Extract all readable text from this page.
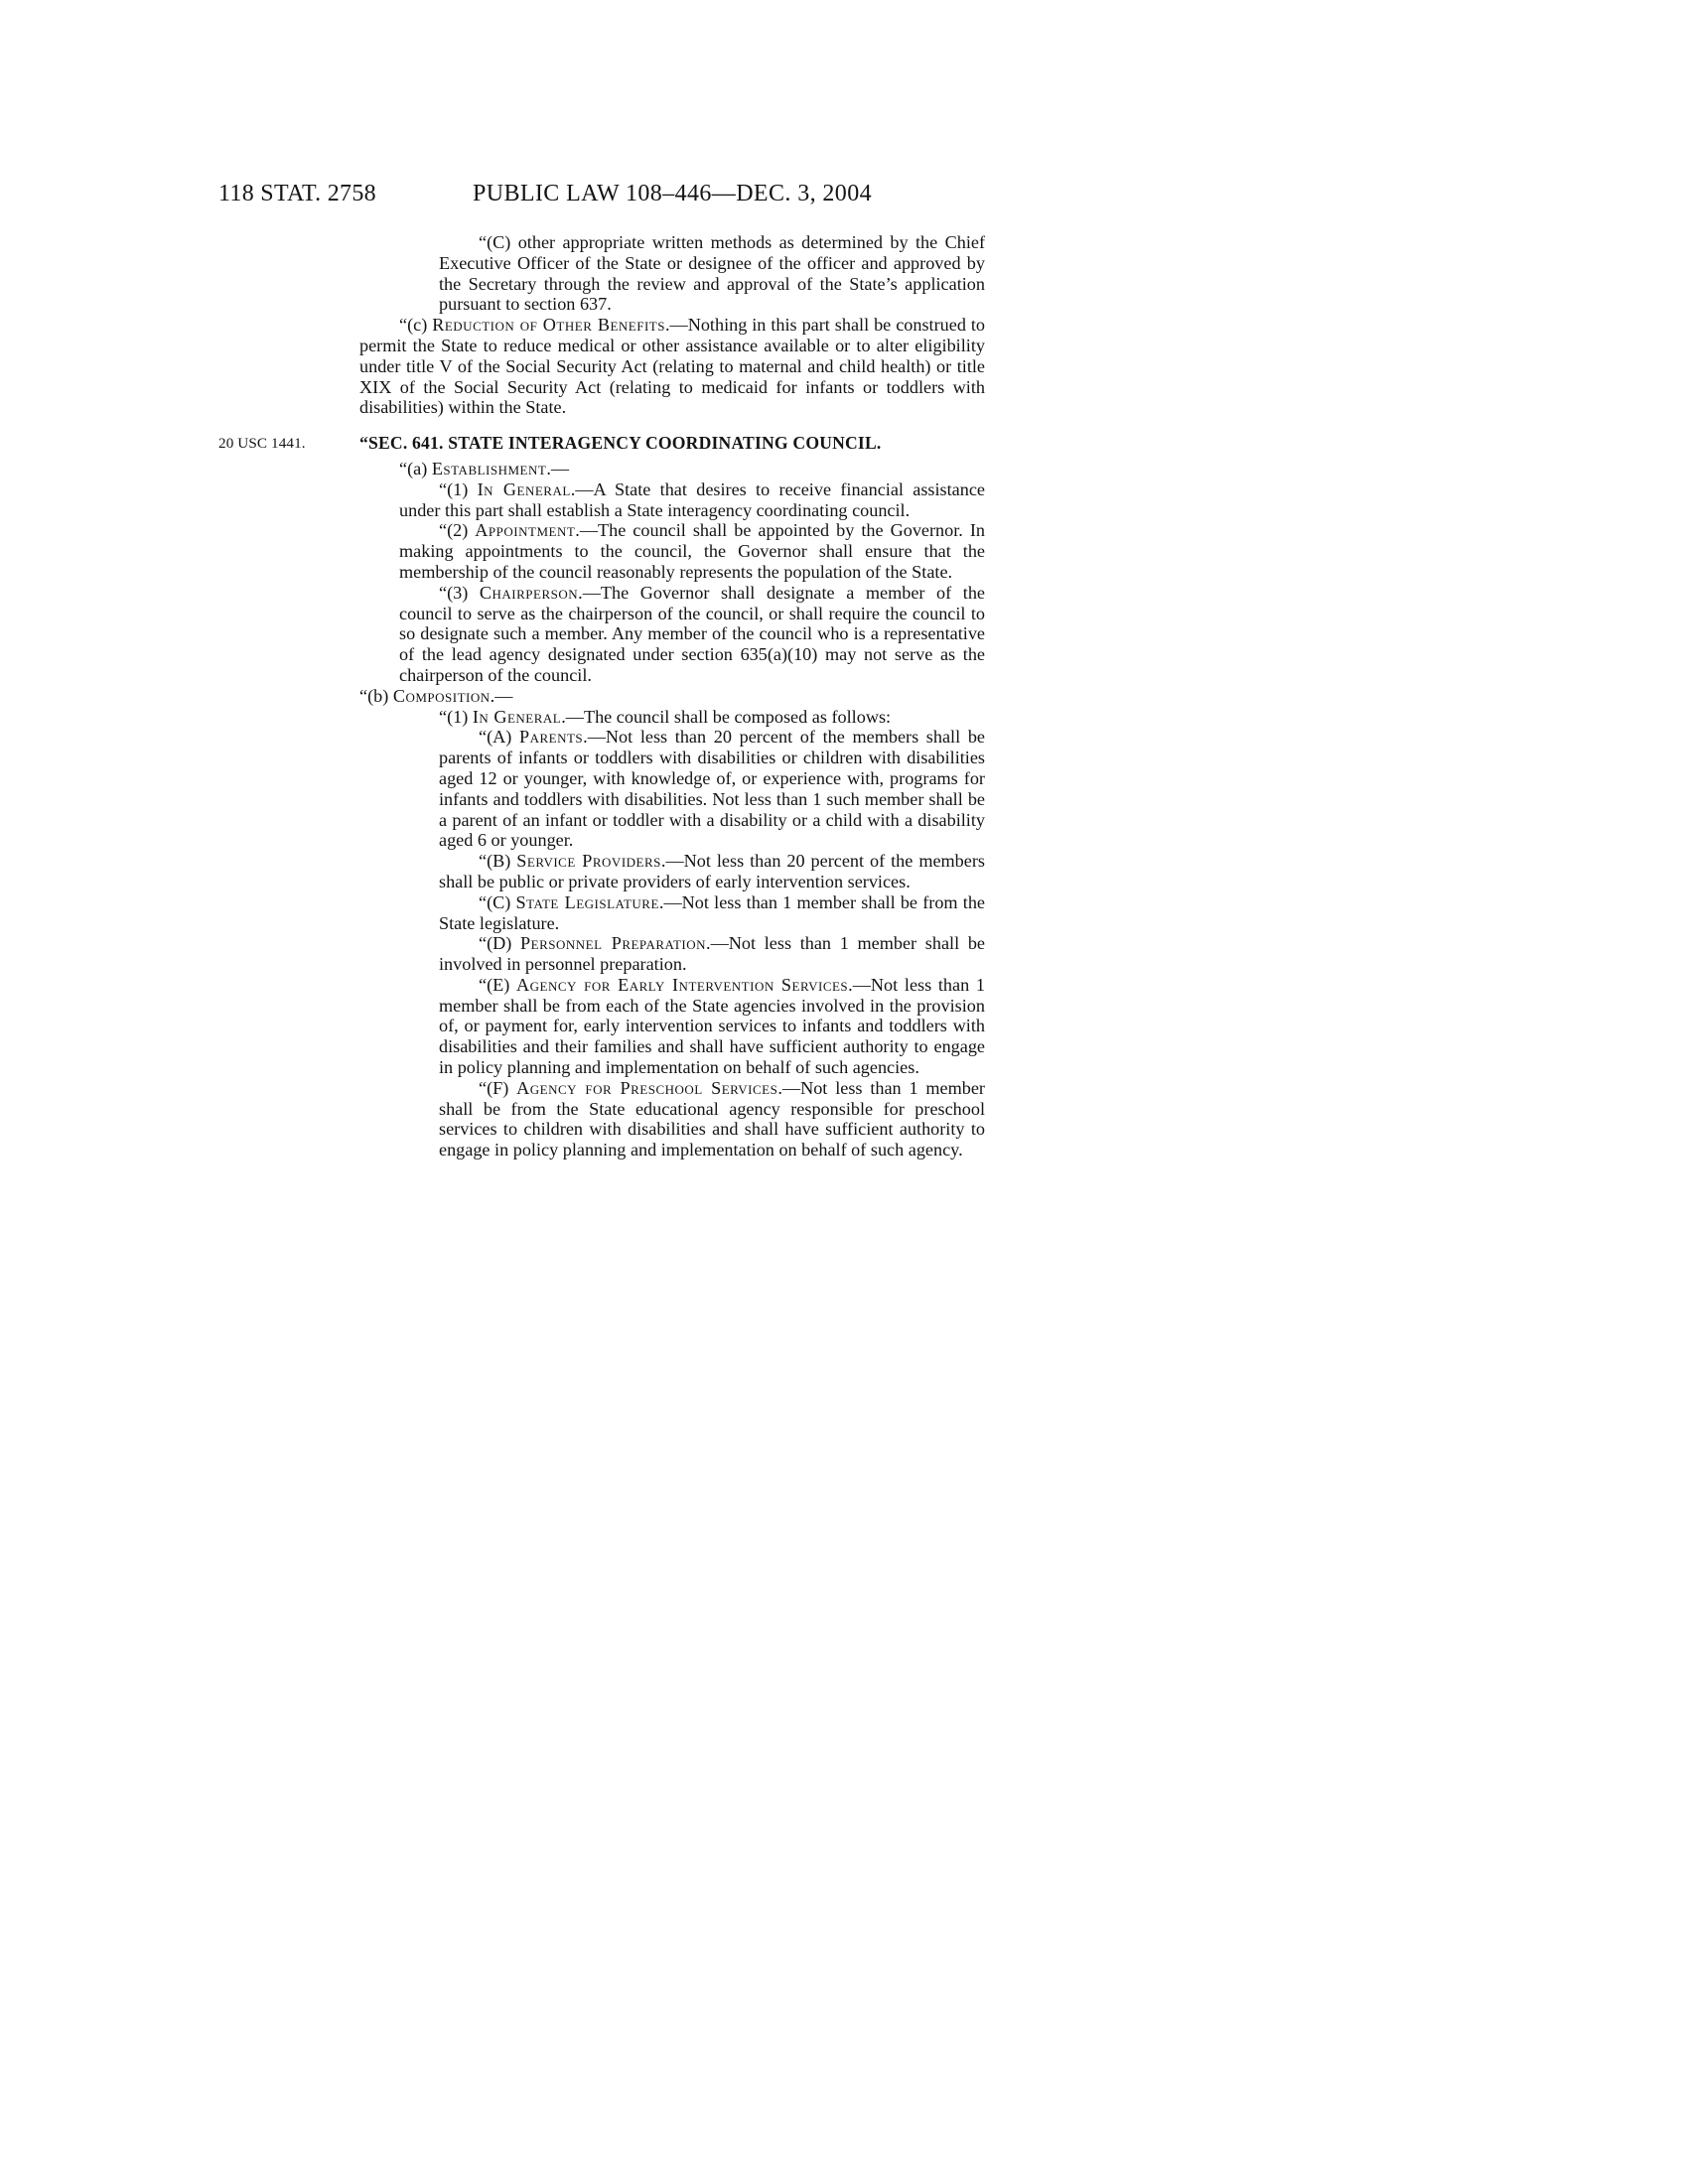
118 STAT. 2758	PUBLIC LAW 108–446—DEC. 3, 2004

“(C) other appropriate written methods as determined by the Chief Executive Officer of the State or designee of the officer and approved by the Secretary through the review and approval of the State’s application pursuant to section 637.

“(c) Reduction of Other Benefits.—Nothing in this part shall be construed to permit the State to reduce medical or other assistance available or to alter eligibility under title V of the Social Security Act (relating to maternal and child health) or title XIX of the Social Security Act (relating to medicaid for infants or toddlers with disabilities) within the State.

20 USC 1441.	“SEC. 641. STATE INTERAGENCY COORDINATING COUNCIL.

“(a) Establishment.—

“(1) In General.—A State that desires to receive financial assistance under this part shall establish a State interagency coordinating council.

“(2) Appointment.—The council shall be appointed by the Governor. In making appointments to the council, the Governor shall ensure that the membership of the council reasonably represents the population of the State.

“(3) Chairperson.—The Governor shall designate a member of the council to serve as the chairperson of the council, or shall require the council to so designate such a member. Any member of the council who is a representative of the lead agency designated under section 635(a)(10) may not serve as the chairperson of the council.

“(b) Composition.—

“(1) In General.—The council shall be composed as follows:

“(A) Parents.—Not less than 20 percent of the members shall be parents of infants or toddlers with disabilities or children with disabilities aged 12 or younger, with knowledge of, or experience with, programs for infants and toddlers with disabilities. Not less than 1 such member shall be a parent of an infant or toddler with a disability or a child with a disability aged 6 or younger.

“(B) Service Providers.—Not less than 20 percent of the members shall be public or private providers of early intervention services.

“(C) State Legislature.—Not less than 1 member shall be from the State legislature.

“(D) Personnel Preparation.—Not less than 1 member shall be involved in personnel preparation.

“(E) Agency for Early Intervention Services.—Not less than 1 member shall be from each of the State agencies involved in the provision of, or payment for, early intervention services to infants and toddlers with disabilities and their families and shall have sufficient authority to engage in policy planning and implementation on behalf of such agencies.

“(F) Agency for Preschool Services.—Not less than 1 member shall be from the State educational agency responsible for preschool services to children with disabilities and shall have sufficient authority to engage in policy planning and implementation on behalf of such agency.
